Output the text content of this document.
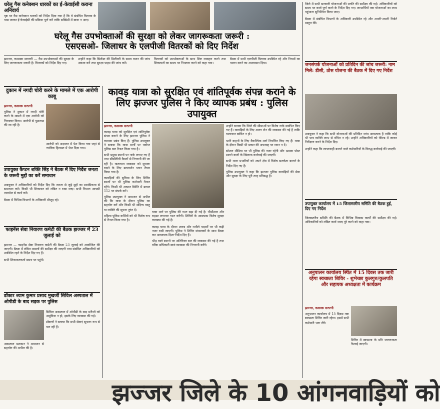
धरेलू गैस कनेक्शन धारकों का ई-केवाईसी कराना अनिवार्य

पृष्ठ पर गैस कनेक्शन धारकों को निर्देश दिया गया है कि वे संबंधित वितरक के पास जाकर ई-केवाईसी की प्रक्रिया पूर्ण करें ताकि सब्सिडी में बाधा न आए।

घरेलू गैस उपभोक्ताओं की सुरक्षा को लेकर जागरूकता जरूरी :
एसएसओ- जिलाधर के एलपीजी वितरकों को दिए निर्देश

झज्जर, कामस्क सरपणी — गैस उपभोक्ताओं की सुरक्षा के लिए जागरूकता जरूरी है। वितरकों को निर्देश दिए गए।

उन्होंने कहा कि सिलेंडर की डिलीवरी के समय वजन की जांच अवश्य करें तथा सुरक्षा पाइप की जांच करें।

वितरकों को उपभोक्ताओं के साथ शिष्ट व्यवहार करने तथा शिकायतों का समय पर निपटारा करने को कहा गया।

बैठक में सभी एलपीजी वितरक उपस्थित रहे और नियमों का पालन करने का आश्वासन दिया।

दुकान में नगदी चोरी करने के मामले में एक आरोपी काबू

झज्जर, कामस्क सरपणी

पुलिस ने दुकान में नगदी चोरी करने के मामले में एक आरोपी को गिरफ्तार किया। आरोपी से पूछताछ की जा रही है।

आरोपी को अदालत में पेश किया गया जहां से न्यायिक हिरासत में भेज दिया गया।

उपायुक्त कैप्टन शक्ति सिंह ने बैठक में दिए निर्देश जनता के जरूरी मुद्दों का करें समाधान

उपायुक्त ने अधिकारियों को निर्देश दिए कि जनता से जुड़े मुद्दों का प्राथमिकता से समाधान करें। किसी भी शिकायत को लंबित न रखा जाए। सभी विभाग आपसी तालमेल से कार्य करें।

बैठक में विभिन्न विभागों के अधिकारी मौजूद रहे।

फाइनेंस सेवा निवारण कमेटी की बैठक झज्जर में 23 जुलाई को

झज्जर — फाइनेंस सेवा निवारण कमेटी की बैठक 23 जुलाई को आयोजित की जाएगी। बैठक में लंबित मामलों की समीक्षा की जाएगी तथा संबंधित अधिकारियों को उपस्थित रहने के निर्देश दिए गए हैं।

सभी शिकायतकर्ता समय पर पहुंचें।

डॉक्टर श्याम कुमार प्रसाद मुखर्जी सिविल अस्पताल में ओपीडी के बाद सड़क पर पुलिस

सिविल अस्पताल में ओपीडी के बाद मरीजों को असुविधा न हो, इसके लिए व्यवस्था की गई।

डॉक्टरों ने बताया कि सभी सेवाएं सुचारू रूप से चल रही हैं।

अस्पताल प्रशासन ने आमजन से सहयोग की अपील की है।

कावड़ यात्रा को सुरक्षित एवं शांतिपूर्वक संपन्न कराने के लिए झज्जर पुलिस ने किए व्यापक प्रबंध : पुलिस उपायुक्त

झज्जर, कामस्क सरपणी

कावड़ यात्रा को सुरक्षित एवं शांतिपूर्वक संपन्न कराने के लिए झज्जर पुलिस ने व्यापक प्रबंध किए हैं। पुलिस उपायुक्त ने बताया कि यात्रा मार्गों पर पर्याप्त पुलिस बल तैनात किया गया है।

सभी प्रमुख स्थानों पर नाके लगाए गए हैं तथा सीसीटीवी कैमरों से निगरानी की जा रही है। यातायात व्यवस्था को सुचारू रखने के लिए डायवर्जन प्लान तैयार किया गया है।

कावड़ियों की सुविधा के लिए शिविर स्थलों पर भी पुलिस कर्मचारी तैनात रहेंगे। किसी भी आपात स्थिति में डायल 112 पर संपर्क करें।

पुलिस उपायुक्त ने आमजन से अपील की कि यात्रा के दौरान पुलिस का सहयोग करें और किसी भी संदिग्ध वस्तु या व्यक्ति की सूचना तुरंत दें।

महिला पुलिस कर्मियों को भी विशेष रूप से तैनात किया गया है।

यात्रा मार्ग पर पुलिस की गश्त बढ़ा दी गई है। पीसीआर और राइडर लगातार गश्त करेंगी। शिविरों के आसपास विशेष सुरक्षा व्यवस्था की गई है।

कावड़ यात्रा के दौरान शराब और नशीले पदार्थों पर भी कड़ी नजर रखी जाएगी। पुलिस ने शिविर संचालकों के साथ बैठक कर आवश्यक दिशा-निर्देश दिए हैं।

भीड़ वाले स्थानों पर अतिरिक्त बल की व्यवस्था की गई है तथा वरिष्ठ अधिकारी स्वयं व्यवस्था की निगरानी करेंगे।

उन्होंने बताया कि जिले की सीमाओं पर विशेष नाके स्थापित किए गए हैं। कावड़ियों के लिए अलग लेन की व्यवस्था की गई है ताकि यातायात बाधित न हो।

भारी वाहनों के लिए वैकल्पिक मार्ग निर्धारित किए गए हैं। यात्रा के दौरान किसी भी प्रकार की अफवाह पर ध्यान न दें।

सोशल मीडिया पर भी पुलिस की नजर रहेगी और भ्रामक पोस्ट डालने वालों के खिलाफ कार्रवाई की जाएगी।

सभी थाना प्रभारियों को अपने क्षेत्र में विशेष सतर्कता बरतने के निर्देश दिए गए हैं।

पुलिस उपायुक्त ने कहा कि झज्जर पुलिस कावड़ियों की सेवा और सुरक्षा के लिए पूरी तरह प्रतिबद्ध है।

जिले में सभी सरकारी योजनाओं की प्रगति की समीक्षा की गई। अधिकारियों को समय पर कार्य पूर्ण करने के निर्देश दिए गए। लाभार्थियों तक योजनाओं का लाभ पहुंचाना सुनिश्चित किया जाए।

बैठक में संबंधित विभागों के अधिकारी उपस्थित रहे और अपनी-अपनी रिपोर्ट प्रस्तुत की।

जनसंपर्क योजनाओं को प्रतिदिन की जांच जरूरी: नाम मिले: डीसी, ठोस योजना की बैठक में दिए गए निर्देश

उपायुक्त ने कहा कि सभी योजनाओं की प्रतिदिन जांच आवश्यक है ताकि कोई भी पात्र व्यक्ति लाभ से वंचित न रहे। उन्होंने अधिकारियों को फील्ड में जाकर निरीक्षण करने के निर्देश दिए।

उन्होंने कहा कि लापरवाही बरतने वाले कर्मचारियों के विरुद्ध कार्रवाई की जाएगी।

उपायुक्त कार्यालय में 15 जिलास्तरीय समिति की बैठक हुई, दिए गए निर्देश

जिलास्तरीय समिति की बैठक में विभिन्न विकास कार्यों की समीक्षा की गई। अधिकारियों को लंबित कार्य जल्द पूरे करने को कहा गया।

अनुपालन कार्यालय स्थित में 15 दिवस तक जारी रहेगा स्वच्छता शिविर - शुभेच्छा कुलगुरु/कुलपति और सहायक अध्यक्षता में कार्यक्रम

झज्जर, कामस्क सरपणी

अनुपालन कार्यालय में 15 दिवस तक स्वच्छता शिविर जारी रहेगा। इसमें सभी कर्मचारी भाग लेंगे।

शिविर में स्वच्छता के प्रति जागरूकता फैलाई जाएगी।

झज्जर जिले के 10 आंगनवाड़ियों को
